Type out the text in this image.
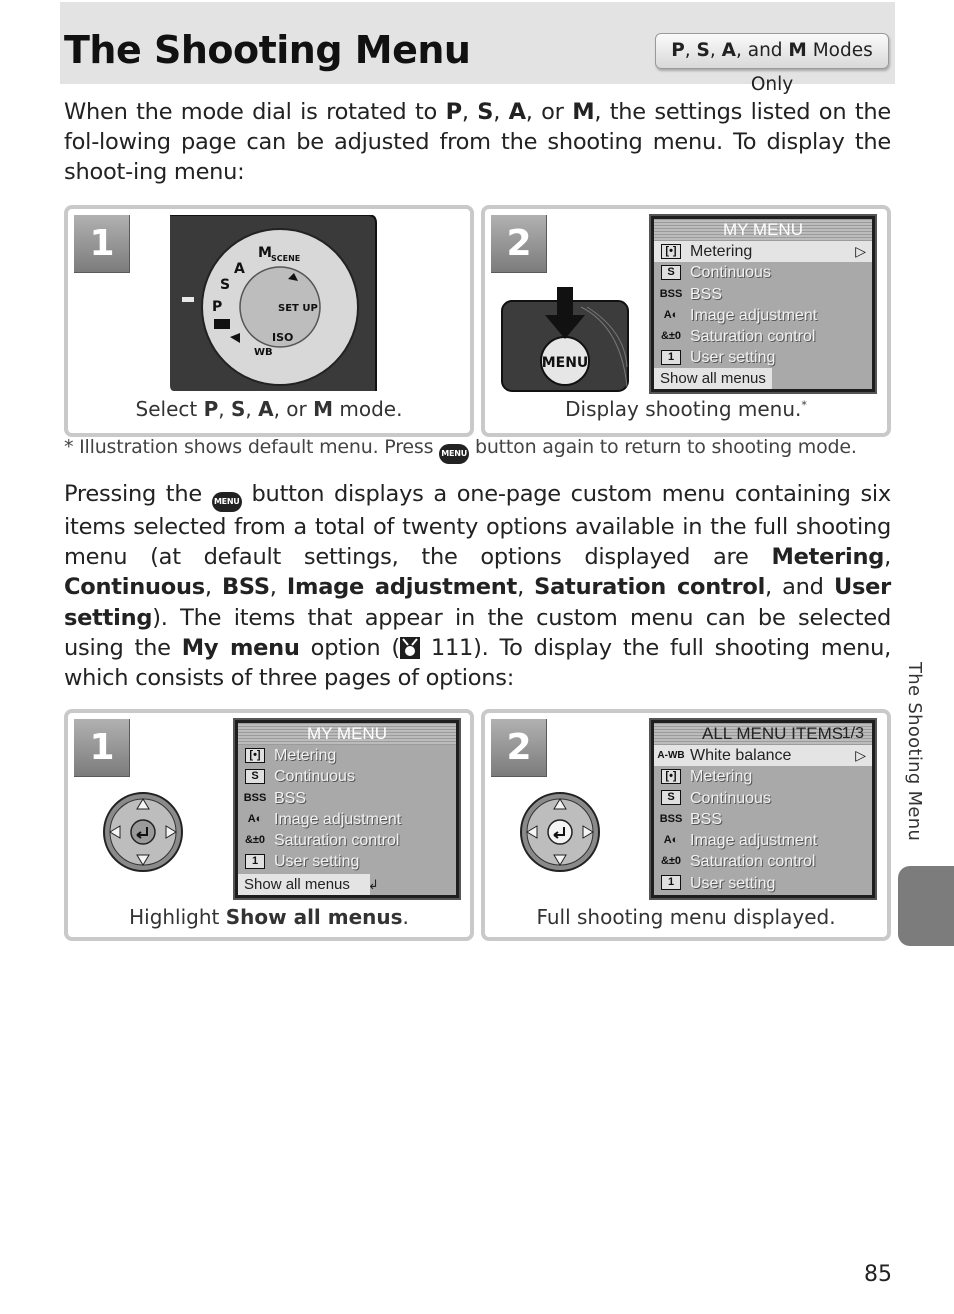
The Shooting Menu	P, S, A, and M Modes Only

When the mode dial is rotated to P, S, A, or M, the settings listed on the fol-lowing page can be adjusted from the shooting menu. To display the shoot-ing menu:

1	M SCENE
A
S
P	SET UP
WB
ISO
Select P, S, A, or M mode.
2
MENU
MY MENU
[•] Metering	▷
S Continuous
BSS BSS
A◐ Image adjustment
&±0 Saturation control
1 User setting
Show all menus
Display shooting menu.*
* Illustration shows default menu. Press MENU button again to return to shooting mode.

Pressing the MENU button displays a one-page custom menu containing six items selected from a total of twenty options available in the full shooting menu (at default settings, the options displayed are Metering, Continuous, BSS, Image adjustment, Saturation control, and User setting). The items that appear in the custom menu can be selected using the My menu option ( 111). To display the full shooting menu, which consists of three pages of options:

1	MY MENU
[•] Metering
S Continuous
BSS BSS
A◐ Image adjustment
&±0 Saturation control
1 User setting
Show all menus ↲
Highlight Show all menus.
2	ALL MENU ITEMS
1/3
A-WB White balance	▷
[•] Metering
S Continuous
BSS BSS
A◐ Image adjustment
&±0 Saturation control
1 User setting
Full shooting menu displayed.
The Shooting Menu
85
